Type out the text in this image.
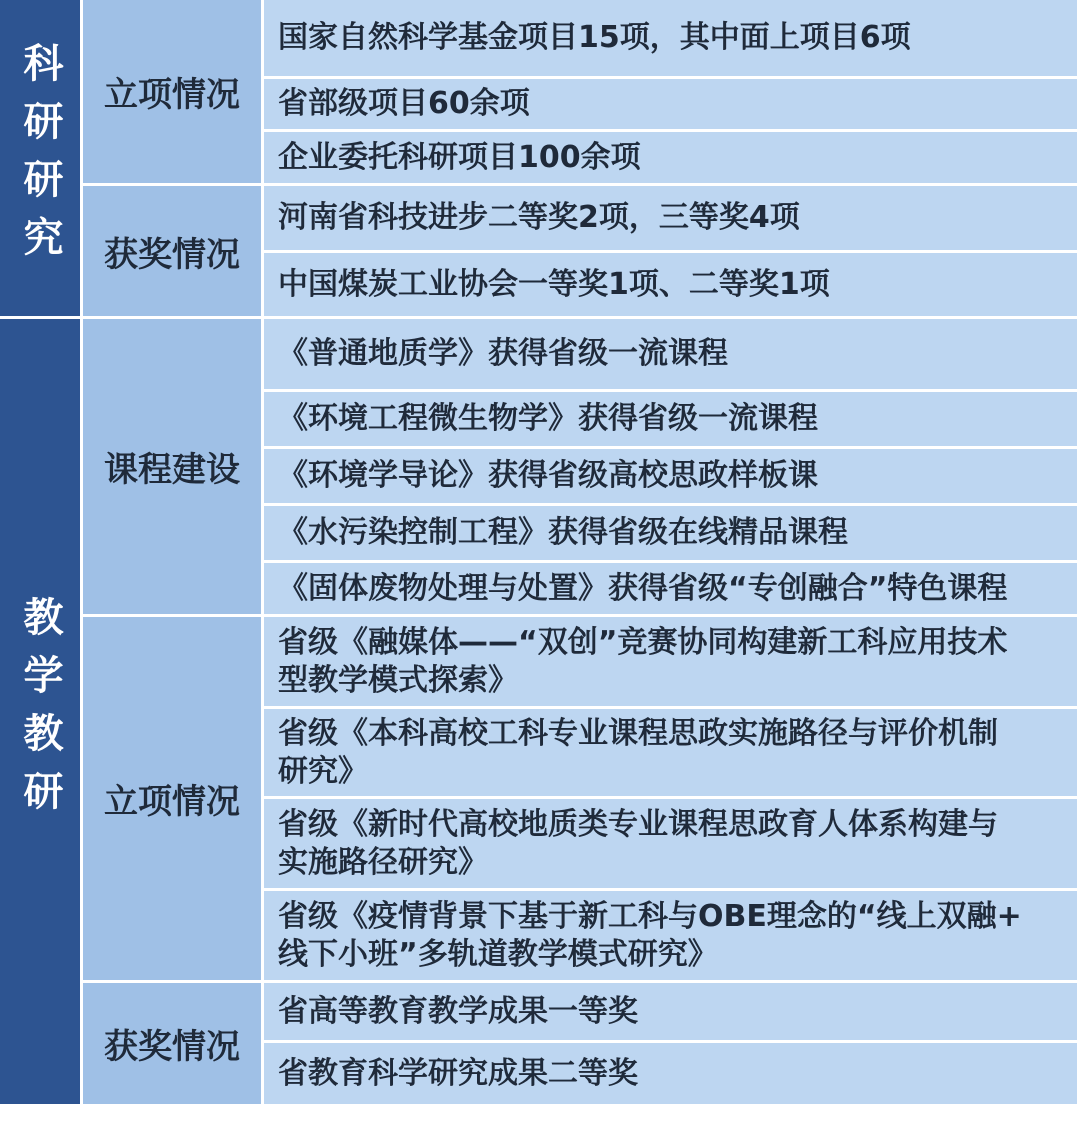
科研研究	立项情况
国家自然科学基金项目15项，其中面上项目6项
省部级项目60余项
企业委托科研项目100余项
获奖情况
河南省科技进步二等奖2项，三等奖4项
中国煤炭工业协会一等奖1项、二等奖1项
教学教研
课程建设
《普通地质学》获得省级一流课程
《环境工程微生物学》获得省级一流课程
《环境学导论》获得省级高校思政样板课
《水污染控制工程》获得省级在线精品课程
《固体废物处理与处置》获得省级“专创融合”特色课程
立项情况
省级《融媒体——“双创”竞赛协同构建新工科应用技术
型教学模式探索》
省级《本科高校工科专业课程思政实施路径与评价机制
研究》
省级《新时代高校地质类专业课程思政育人体系构建与
实施路径研究》
省级《疫情背景下基于新工科与OBE理念的“线上双融+
线下小班”多轨道教学模式研究》
获奖情况
省高等教育教学成果一等奖
省教育科学研究成果二等奖
